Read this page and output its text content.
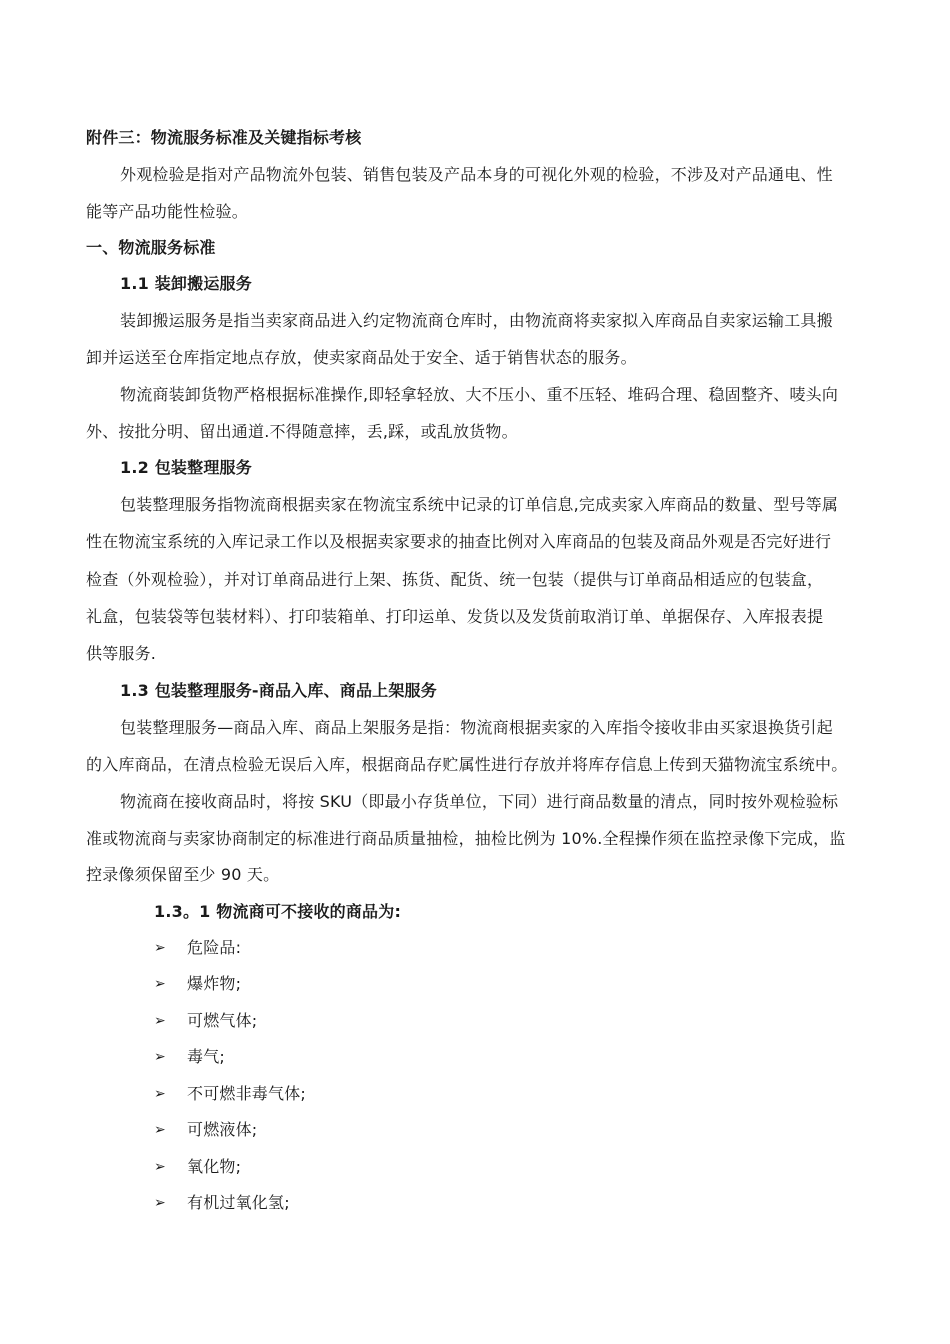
附件三：物流服务标准及关键指标考核
外观检验是指对产品物流外包装、销售包装及产品本身的可视化外观的检验，不涉及对产品通电、性
能等产品功能性检验。
一、物流服务标准
1.1 装卸搬运服务
装卸搬运服务是指当卖家商品进入约定物流商仓库时，由物流商将卖家拟入库商品自卖家运输工具搬
卸并运送至仓库指定地点存放，使卖家商品处于安全、适于销售状态的服务。
物流商装卸货物严格根据标准操作,即轻拿轻放、大不压小、重不压轻、堆码合理、稳固整齐、唛头向
外、按批分明、留出通道.不得随意摔，丢,踩，或乱放货物。
1.2 包装整理服务
包装整理服务指物流商根据卖家在物流宝系统中记录的订单信息,完成卖家入库商品的数量、型号等属
性在物流宝系统的入库记录工作以及根据卖家要求的抽查比例对入库商品的包装及商品外观是否完好进行
检查（外观检验），并对订单商品进行上架、拣货、配货、统一包装（提供与订单商品相适应的包装盒，
礼盒，包装袋等包装材料）、打印装箱单、打印运单、发货以及发货前取消订单、单据保存、入库报表提
供等服务.
1.3 包装整理服务-商品入库、商品上架服务
包装整理服务—商品入库、商品上架服务是指：物流商根据卖家的入库指令接收非由买家退换货引起
的入库商品，在清点检验无误后入库，根据商品存贮属性进行存放并将库存信息上传到天猫物流宝系统中。
物流商在接收商品时，将按 SKU（即最小存货单位，下同）进行商品数量的清点，同时按外观检验标
准或物流商与卖家协商制定的标准进行商品质量抽检，抽检比例为 10%.全程操作须在监控录像下完成，监
控录像须保留至少 90 天。
1.3。1 物流商可不接收的商品为:
➢ 危险品:
➢ 爆炸物;
➢ 可燃气体;
➢ 毒气;
➢ 不可燃非毒气体;
➢ 可燃液体;
➢ 氧化物;
➢ 有机过氧化氢;
